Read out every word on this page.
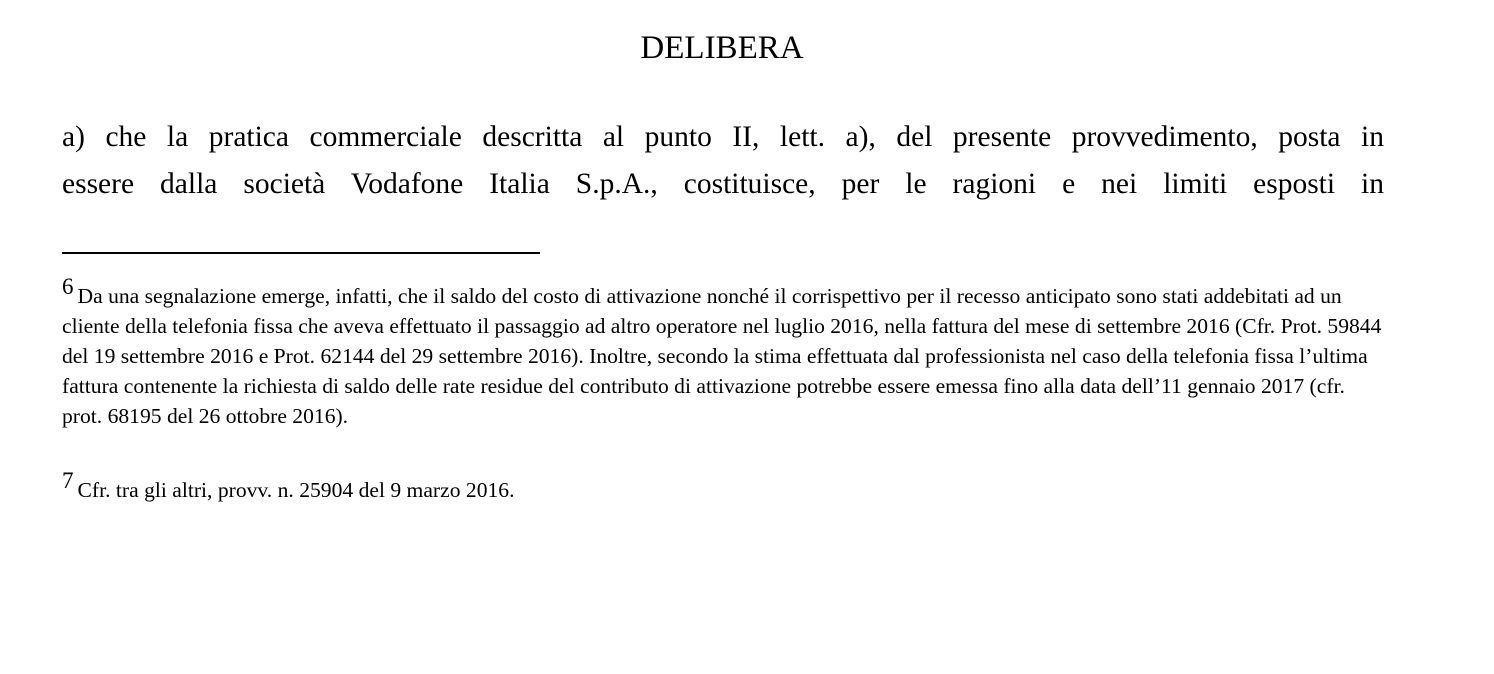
DELIBERA

a) che la pratica commerciale descritta al punto II, lett. a), del presente provvedimento, posta in

essere dalla società Vodafone Italia S.p.A., costituisce, per le ragioni e nei limiti esposti in

6 Da una segnalazione emerge, infatti, che il saldo del costo di attivazione nonché il corrispettivo per il recesso anticipato sono stati addebitati ad un cliente della telefonia fissa che aveva effettuato il passaggio ad altro operatore nel luglio 2016, nella fattura del mese di settembre 2016 (Cfr. Prot. 59844 del 19 settembre 2016 e Prot. 62144 del 29 settembre 2016). Inoltre, secondo la stima effettuata dal professionista nel caso della telefonia fissa l’ultima fattura contenente la richiesta di saldo delle rate residue del contributo di attivazione potrebbe essere emessa fino alla data dell’11 gennaio 2017 (cfr. prot. 68195 del 26 ottobre 2016).

7 Cfr. tra gli altri, provv. n. 25904 del 9 marzo 2016.
